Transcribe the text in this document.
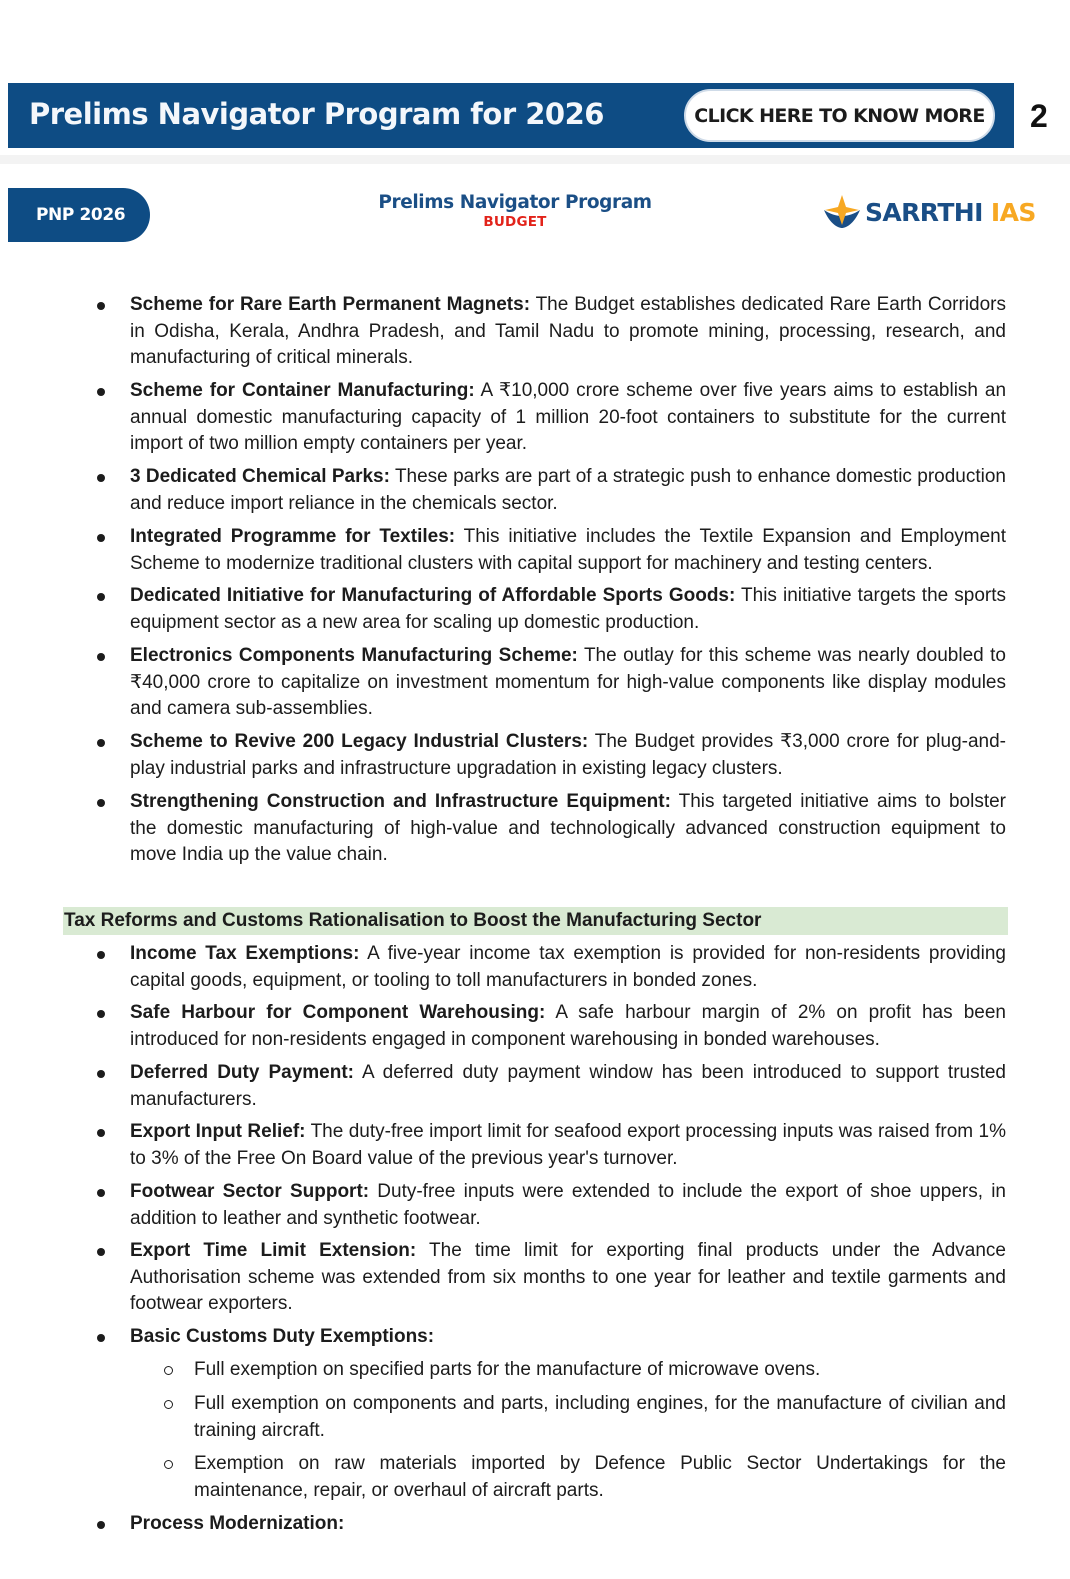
Prelims Navigator Program for 2026	CLICK HERE TO KNOW MORE	2
PNP 2026
Prelims Navigator Program
BUDGET	SARRTHI IAS
Scheme for Rare Earth Permanent Magnets: The Budget establishes dedicated Rare Earth Corridors in Odisha, Kerala, Andhra Pradesh, and Tamil Nadu to promote mining, processing, research, and manufacturing of critical minerals.
Scheme for Container Manufacturing: A ₹10,000 crore scheme over five years aims to establish an annual domestic manufacturing capacity of 1 million 20-foot containers to substitute for the current import of two million empty containers per year.
3 Dedicated Chemical Parks: These parks are part of a strategic push to enhance domestic production and reduce import reliance in the chemicals sector.
Integrated Programme for Textiles: This initiative includes the Textile Expansion and Employment Scheme to modernize traditional clusters with capital support for machinery and testing centers.
Dedicated Initiative for Manufacturing of Affordable Sports Goods: This initiative targets the sports equipment sector as a new area for scaling up domestic production.
Electronics Components Manufacturing Scheme: The outlay for this scheme was nearly doubled to ₹40,000 crore to capitalize on investment momentum for high-value components like display modules and camera sub-assemblies.
Scheme to Revive 200 Legacy Industrial Clusters: The Budget provides ₹3,000 crore for plug-and-play industrial parks and infrastructure upgradation in existing legacy clusters.
Strengthening Construction and Infrastructure Equipment: This targeted initiative aims to bolster the domestic manufacturing of high-value and technologically advanced construction equipment to move India up the value chain.
Tax Reforms and Customs Rationalisation to Boost the Manufacturing Sector
Income Tax Exemptions: A five-year income tax exemption is provided for non-residents providing capital goods, equipment, or tooling to toll manufacturers in bonded zones.
Safe Harbour for Component Warehousing: A safe harbour margin of 2% on profit has been introduced for non-residents engaged in component warehousing in bonded warehouses.
Deferred Duty Payment: A deferred duty payment window has been introduced to support trusted manufacturers.
Export Input Relief: The duty-free import limit for seafood export processing inputs was raised from 1% to 3% of the Free On Board value of the previous year's turnover.
Footwear Sector Support: Duty-free inputs were extended to include the export of shoe uppers, in addition to leather and synthetic footwear.
Export Time Limit Extension: The time limit for exporting final products under the Advance Authorisation scheme was extended from six months to one year for leather and textile garments and footwear exporters.
Basic Customs Duty Exemptions:
Full exemption on specified parts for the manufacture of microwave ovens.
Full exemption on components and parts, including engines, for the manufacture of civilian and training aircraft.
Exemption on raw materials imported by Defence Public Sector Undertakings for the maintenance, repair, or overhaul of aircraft parts.
Process Modernization:
